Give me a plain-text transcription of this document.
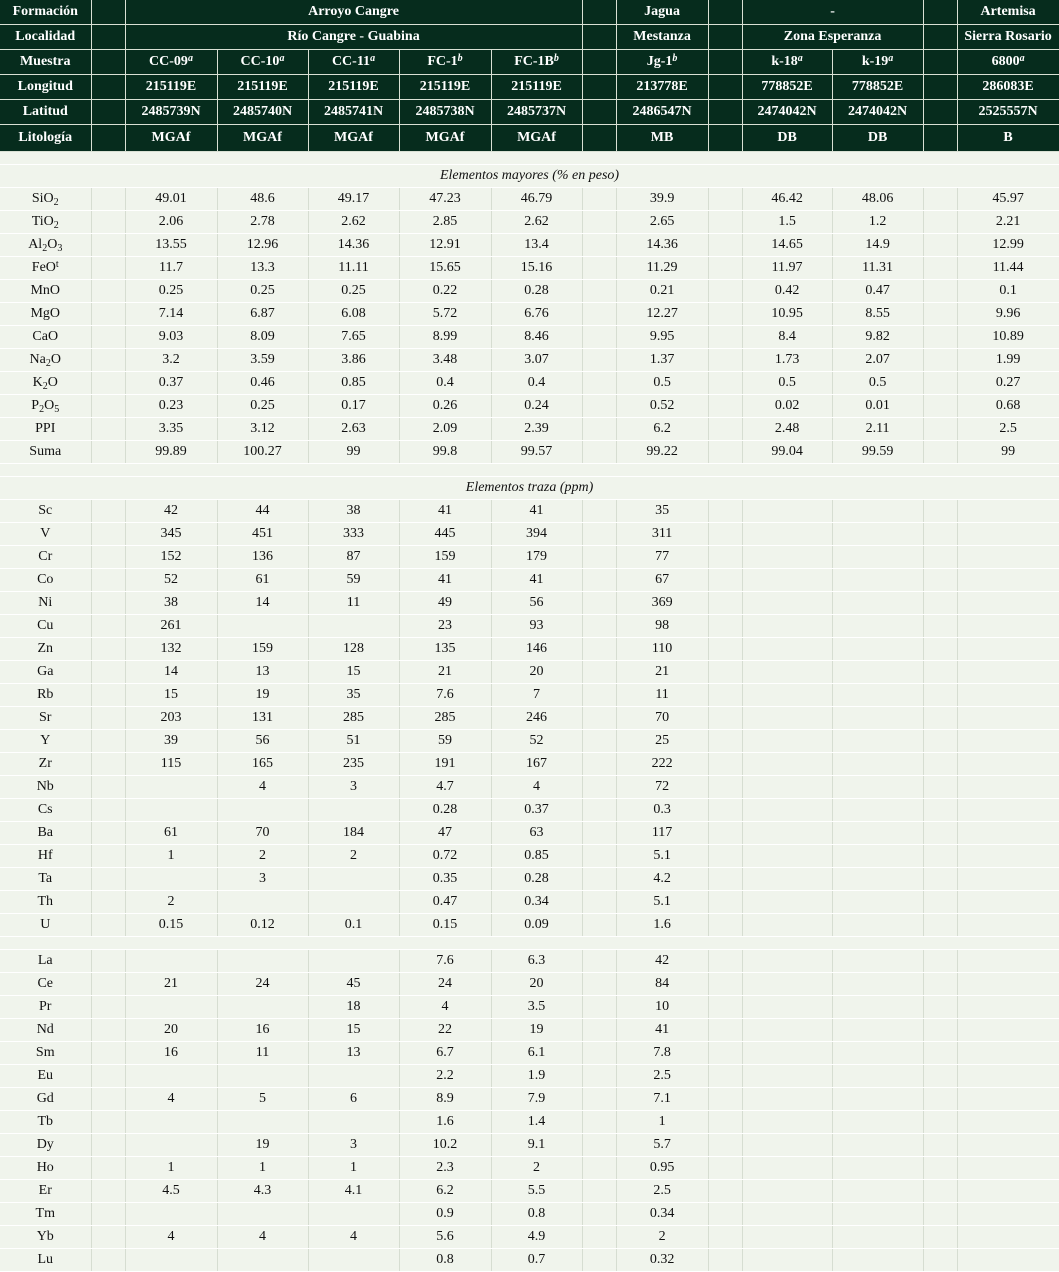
Formación		Arroyo Cangre						Jagua		-			Artemisa
Localidad		Río Cangre - Guabina						Mestanza		Zona Esperanza			Sierra Rosario
Muestra		CC-09$^a$	CC-10$^a$	CC-11$^a$	FC-1$^b$	$FC-1B^b$		Jg-1$^b$		k-18$^a$	k-19$^a$		6800$^a$
Longitud		215119E	215119E	215119E	215119E	215119E		213778E		778852E	778852E		286083E
Latitud		2485739N	2485740N	2485741N	2485738N	2485737N		2486547N		2474042N	2474042N		2525557N
Litología		MGAf	MGAf	MGAf	MGAf	MGAf		MB		DB	DB		B

Elementos mayores (% en peso)													
SiO$_2$		49.01	48.6	49.17	47.23	46.79		39.9		46.42	48.06		45.97
TiO$_2$		2.06	2.78	2.62	2.85	2.62		2.65		1.5	1.2		2.21
$Al_2O_3$		13.55	12.96	14.36	12.91	13.4		14.36		14.65	14.9		12.99
FeO$^t$		11.7	13.3	11.11	15.65	15.16		11.29		11.97	11.31		11.44
MnO		0.25	0.25	0.25	0.22	0.28		0.21		0.42	0.47		0.1
MgO		7.14	6.87	6.08	5.72	6.76		12.27		10.95	8.55		9.96
CaO		9.03	8.09	7.65	8.99	8.46		9.95		8.4	9.82		10.89
$Na_2O$		3.2	3.59	3.86	3.48	3.07		1.37		1.73	2.07		1.99
$K_2O$		0.37	0.46	0.85	0.4	0.4		0.5		0.5	0.5		0.27
$P_2O_5$		0.23	0.25	0.17	0.26	0.24		0.52		0.02	0.01		0.68
PPI		3.35	3.12	2.63	2.09	2.39		6.2		2.48	2.11		2.5
Suma		99.89	100.27	99	99.8	99.57		99.22		99.04	99.59		99

Elementos traza (ppm)													
Sc		42	44	38	41	41		35					
V		345	451	333	445	394		311					
Cr		152	136	87	159	179		77					
Co		52	61	59	41	41		67					
Ni		38	14	11	49	56		369					
Cu		261			23	93		98					
Zn		132	159	128	135	146		110					
Ga		14	13	15	21	20		21					
Rb		15	19	35	7.6	7		11					
Sr		203	131	285	285	246		70					
Y		39	56	51	59	52		25					
Zr		115	165	235	191	167		222					
Nb			4	3	4.7	4		72					
Cs					0.28	0.37		0.3					
Ba		61	70	184	47	63		117					
Hf		1	2	2	0.72	0.85		5.1					
Ta			3		0.35	0.28		4.2					
Th		2			0.47	0.34		5.1					
U		0.15	0.12	0.1	0.15	0.09		1.6					

La					7.6	6.3		42					
Ce		21	24	45	24	20		84					
Pr				18	4	3.5		10					
Nd		20	16	15	22	19		41					
Sm		16	11	13	6.7	6.1		7.8					
Eu					2.2	1.9		2.5					
Gd		4	5	6	8.9	7.9		7.1					
Tb					1.6	1.4		1					
Dy			19	3	10.2	9.1		5.7					
Ho		1	1	1	2.3	2		0.95					
Er		4.5	4.3	4.1	6.2	5.5		2.5					
Tm					0.9	0.8		0.34					
Yb		4	4	4	5.6	4.9		2					
Lu					0.8	0.7		0.32					
